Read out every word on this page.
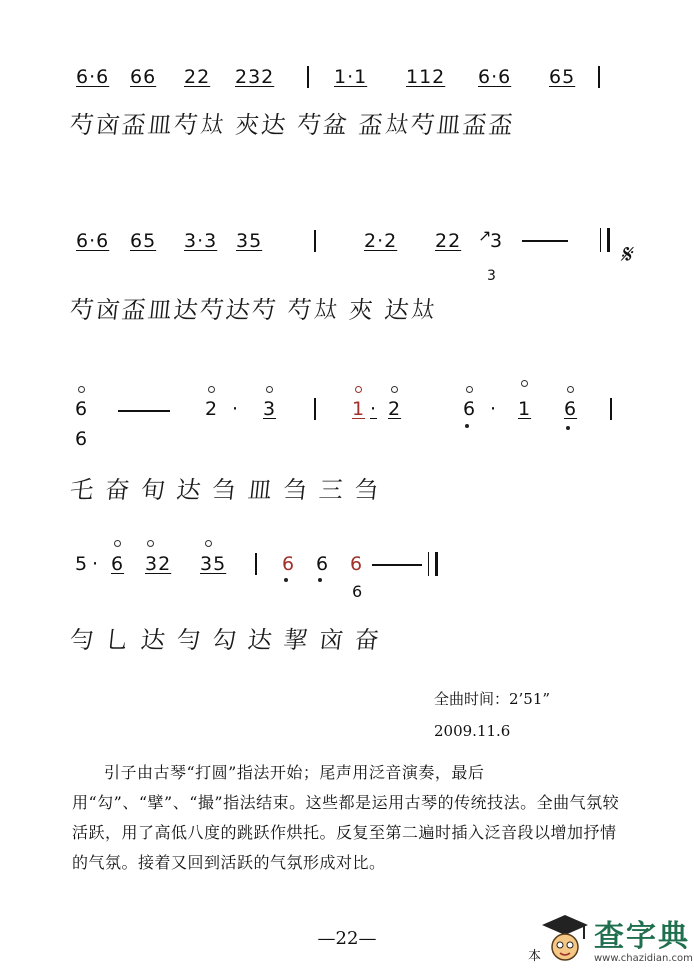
6·6 66 22 232	1·1 112 6·6 65
芍㐫盃皿芍𡘋 㚒达 芍盆 盃𡘋芍皿盃盃
6·6 65 3·3 35	2·2 22 ↗
3	𝄋
3
芍㐫盃皿达芍达芍 芍𡘋 㚒 达𡘋
6
6
2 · 3	1 · 2	6 · 1 6
乇 奋 旬 达 刍 皿 刍 三 刍
5 · 6 32 35	6 6 6
6
勻 乚 达 勻 勾 达 挈 㐫 奋
全曲时间：2’51”
2009.11.6
引子由古琴“打圆”指法开始；尾声用泛音演奏，最后用“勾”、“擘”、“撮”指法结束。这些都是运用古琴的传统技法。全曲气氛较活跃，用了高低八度的跳跃作烘托。反复至第二遍时插入泛音段以增加抒情的气氛。接着又回到活跃的气氛形成对比。
—22—
本
查字典
www.chazidian.com
